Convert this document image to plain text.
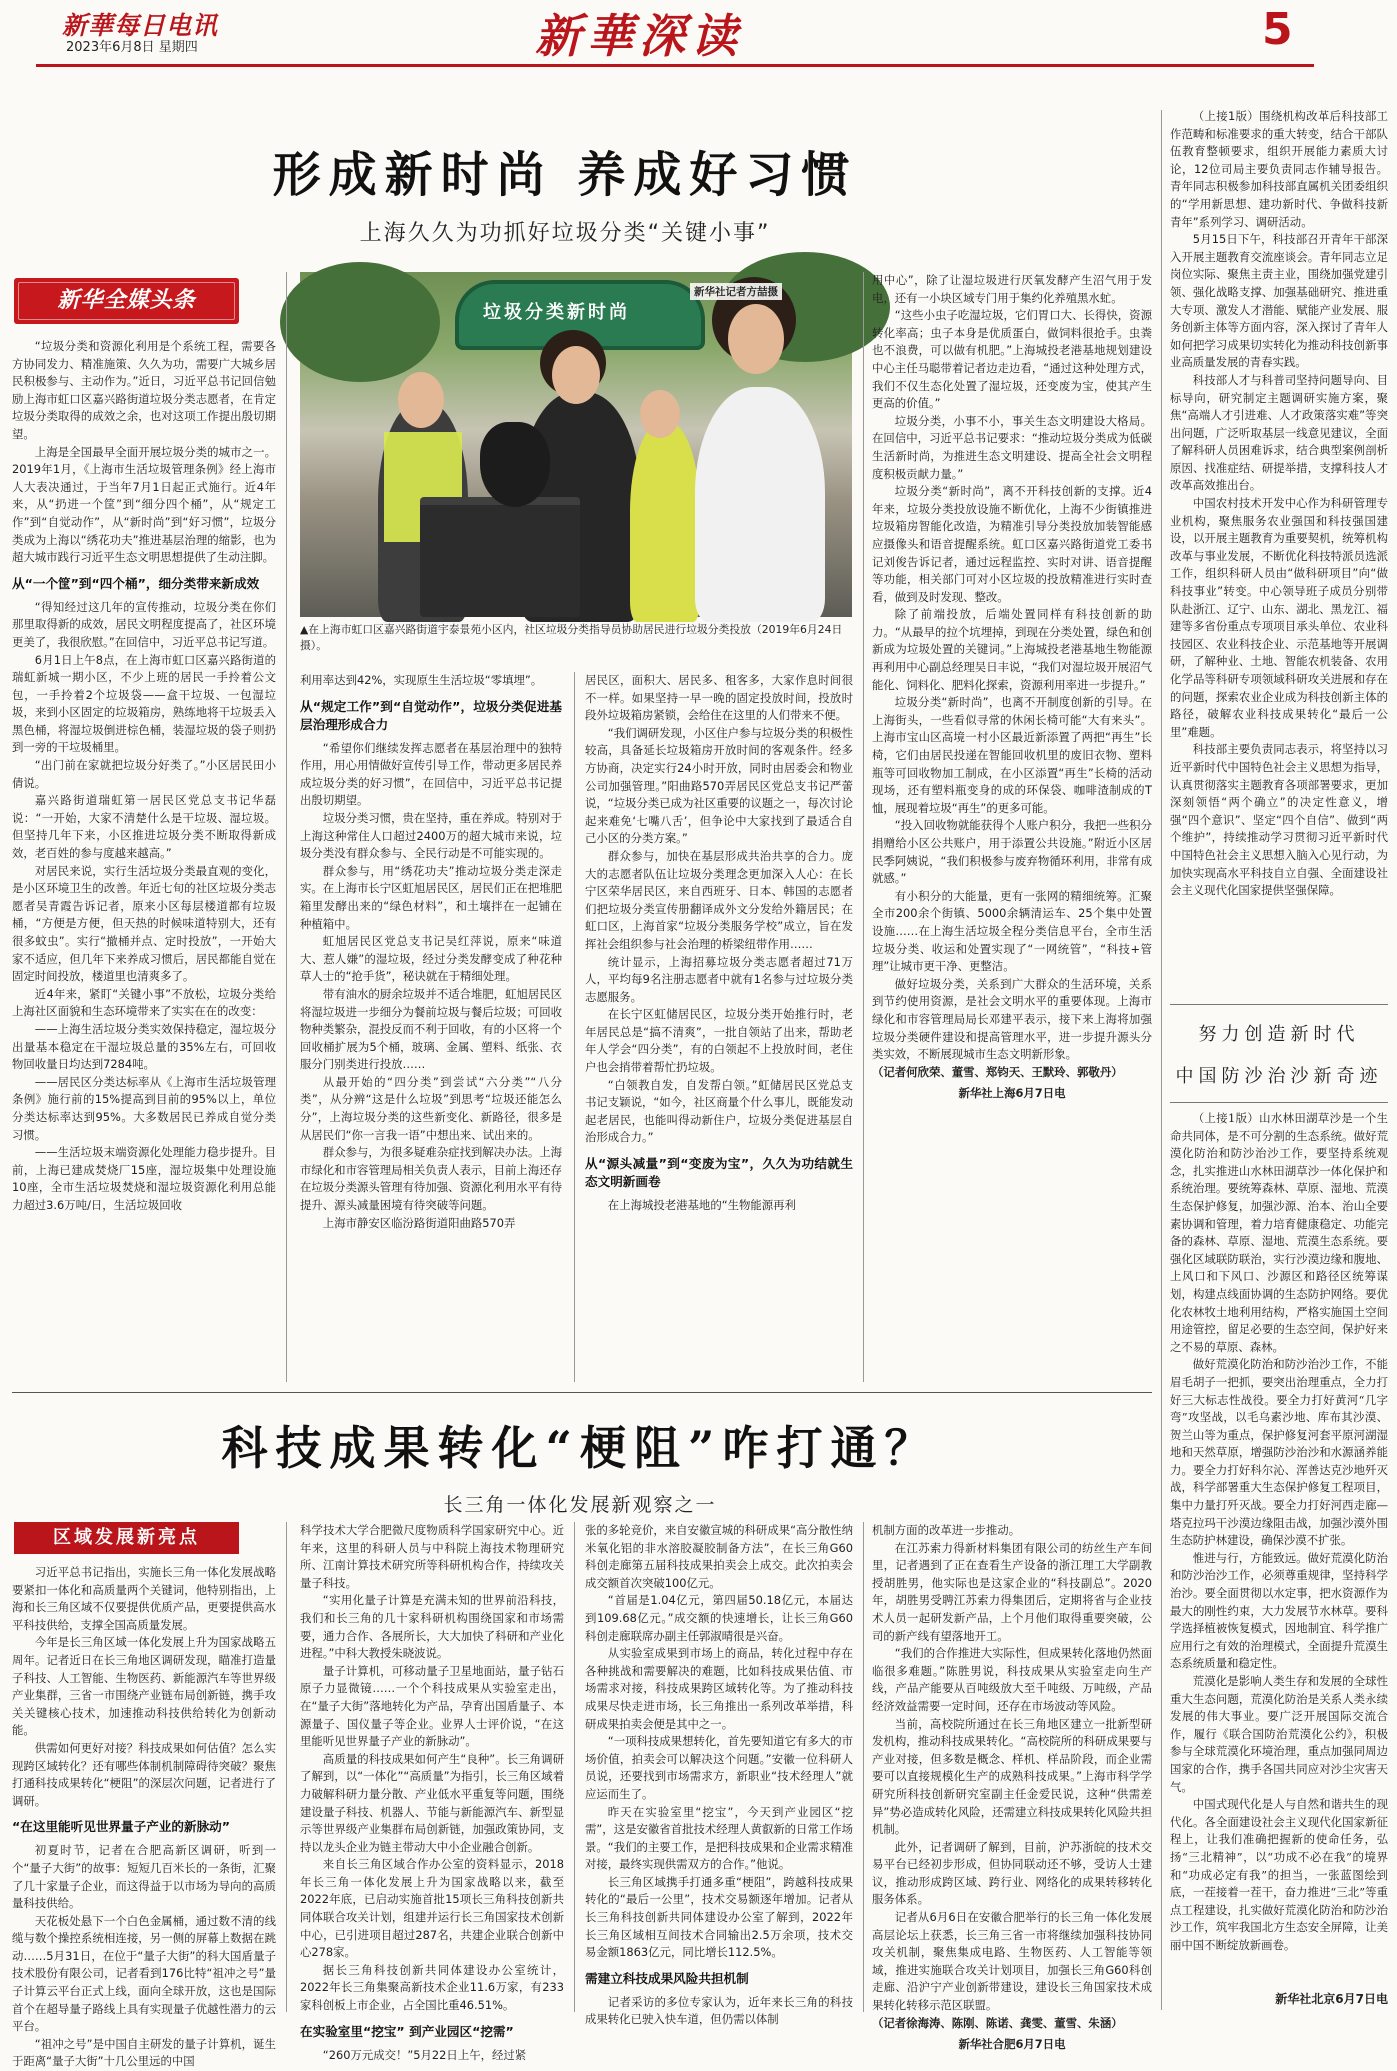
新華每日电讯
2023年6月8日 星期四	新華深读	5
形成新时尚 养成好习惯
上海久久为功抓好垃圾分类“关键小事”
新华全媒头条

“垃圾分类和资源化利用是个系统工程，需要各方协同发力、精准施策、久久为功，需要广大城乡居民积极参与、主动作为。”近日，习近平总书记回信勉励上海市虹口区嘉兴路街道垃圾分类志愿者，在肯定垃圾分类取得的成效之余，也对这项工作提出殷切期望。

上海是全国最早全面开展垃圾分类的城市之一。2019年1月，《上海市生活垃圾管理条例》经上海市人大表决通过，于当年7月1日起正式施行。近4年来，从“扔进一个筐”到“细分四个桶”，从“规定工作”到“自觉动作”，从“新时尚”到“好习惯”，垃圾分类成为上海以“绣花功夫”推进基层治理的缩影，也为超大城市践行习近平生态文明思想提供了生动注脚。

从“一个筐”到“四个桶”，细分类带来新成效

“得知经过这几年的宣传推动，垃圾分类在你们那里取得新的成效，居民文明程度提高了，社区环境更美了，我很欣慰。”在回信中，习近平总书记写道。

6月1日上午8点，在上海市虹口区嘉兴路街道的瑞虹新城一期小区，不少上班的居民一手拎着公文包，一手拎着2个垃圾袋——盒干垃圾、一包湿垃圾，来到小区固定的垃圾箱房，熟练地将干垃圾丢入黑色桶，将湿垃圾倒进棕色桶，装湿垃圾的袋子则扔到一旁的干垃圾桶里。

“出门前在家就把垃圾分好类了。”小区居民田小倩说。

嘉兴路街道瑞虹第一居民区党总支书记华磊说：“一开始，大家不清楚什么是干垃圾、湿垃圾。但坚持几年下来，小区推进垃圾分类不断取得新成效，老百姓的参与度越来越高。”

对居民来说，实行生活垃圾分类最直观的变化，是小区环境卫生的改善。年近七旬的社区垃圾分类志愿者吴青霞告诉记者，原来小区每层楼道都有垃圾桶，“方便是方便，但天热的时候味道特别大，还有很多蚊虫”。实行“撤桶并点、定时投放”，一开始大家不适应，但几年下来养成习惯后，居民都能自觉在固定时间投放，楼道里也清爽多了。

近4年来，紧盯“关键小事”不放松，垃圾分类给上海社区面貌和生态环境带来了实实在在的改变：

——上海生活垃圾分类实效保持稳定，湿垃圾分出量基本稳定在干湿垃圾总量的35%左右，可回收物回收量日均达到7284吨。

——居民区分类达标率从《上海市生活垃圾管理条例》施行前的15%提高到目前的95%以上，单位分类达标率达到95%。大多数居民已养成自觉分类习惯。

——生活垃圾末端资源化处理能力稳步提升。目前，上海已建成焚烧厂15座，湿垃圾集中处理设施10座，全市生活垃圾焚烧和湿垃圾资源化利用总能力超过3.6万吨/日，生活垃圾回收

垃圾分类新时尚
▲在上海市虹口区嘉兴路街道宇泰景苑小区内，社区垃圾分类指导员协助居民进行垃圾分类投放（2019年6月24日摄）。
新华社记者方喆摄

利用率达到42%，实现原生生活垃圾“零填埋”。

从“规定工作”到“自觉动作”，垃圾分类促进基层治理形成合力

“希望你们继续发挥志愿者在基层治理中的独特作用，用心用情做好宣传引导工作，带动更多居民养成垃圾分类的好习惯”，在回信中，习近平总书记提出殷切期望。

垃圾分类习惯，贵在坚持，重在养成。特别对于上海这种常住人口超过2400万的超大城市来说，垃圾分类没有群众参与、全民行动是不可能实现的。

群众参与，用“绣花功夫”推动垃圾分类走深走实。在上海市长宁区虹旭居民区，居民们正在把堆肥箱里发酵出来的“绿色材料”，和土壤拌在一起铺在种植箱中。

虹旭居民区党总支书记吴红萍说，原来“味道大、惹人嫌”的湿垃圾，经过分类发酵变成了种花种草人士的“抢手货”，秘诀就在于精细处理。

带有油水的厨余垃圾并不适合堆肥，虹旭居民区将湿垃圾进一步细分为餐前垃圾与餐后垃圾；可回收物种类繁杂，混投反而不利于回收，有的小区将一个回收桶扩展为5个桶，玻璃、金属、塑料、纸张、衣服分门别类进行投放……

从最开始的“四分类”到尝试“六分类”“八分类”，从分辨“这是什么垃圾”到思考“垃圾还能怎么分”，上海垃圾分类的这些新变化、新路径，很多是从居民们“你一言我一语”中想出来、试出来的。

群众参与，为很多疑难杂症找到解决办法。上海市绿化和市容管理局相关负责人表示，目前上海还存在垃圾分类源头管理有待加强、资源化利用水平有待提升、源头减量困境有待突破等问题。

上海市静安区临汾路街道阳曲路570弄

居民区，面积大、居民多、租客多，大家作息时间很不一样。如果坚持一早一晚的固定投放时间，投放时段外垃圾箱房紧锁，会给住在这里的人们带来不便。

“我们调研发现，小区住户参与垃圾分类的积极性较高，具备延长垃圾箱房开放时间的客观条件。经多方协商，决定实行24小时开放，同时由居委会和物业公司加强管理。”阳曲路570弄居民区党总支书记严蕾说，“垃圾分类已成为社区重要的议题之一，每次讨论起来难免‘七嘴八舌’，但争论中大家找到了最适合自己小区的分类方案。”

群众参与，加快在基层形成共治共享的合力。庞大的志愿者队伍让垃圾分类理念更加深入人心：在长宁区荣华居民区，来自西班牙、日本、韩国的志愿者们把垃圾分类宣传册翻译成外文分发给外籍居民；在虹口区，上海首家“垃圾分类服务学校”成立，旨在发挥社会组织参与社会治理的桥梁纽带作用……

统计显示，上海招募垃圾分类志愿者超过71万人，平均每9名注册志愿者中就有1名参与过垃圾分类志愿服务。

在长宁区虹储居民区，垃圾分类开始推行时，老年居民总是“搞不清爽”，一批自领站了出来，帮助老年人学会“四分类”，有的白领起不上投放时间，老住户也会捎带着帮忙扔垃圾。

“白领教自发，自发帮白领。”虹储居民区党总支书记支颖说，“如今，社区商量个什么事儿，既能发动起老居民，也能叫得动新住户，垃圾分类促进基层自治形成合力。”

从“源头减量”到“变废为宝”，久久为功结就生态文明新画卷

在上海城投老港基地的“生物能源再利

用中心”，除了让湿垃圾进行厌氧发酵产生沼气用于发电，还有一小块区域专门用于集约化养殖黑水虻。

“这些小虫子吃湿垃圾，它们胃口大、长得快，资源转化率高；虫子本身是优质蛋白，做饲料很抢手。虫粪也不浪费，可以做有机肥。”上海城投老港基地规划建设中心主任马聪带着记者边走边看，“通过这种处理方式，我们不仅生态化处置了湿垃圾，还变废为宝，使其产生更高的价值。”

垃圾分类，小事不小，事关生态文明建设大格局。在回信中，习近平总书记要求：“推动垃圾分类成为低碳生活新时尚，为推进生态文明建设、提高全社会文明程度积极贡献力量。”

垃圾分类“新时尚”，离不开科技创新的支撑。近4年来，垃圾分类投放设施不断优化，上海不少街镇推进垃圾箱房智能化改造，为精准引导分类投放加装智能感应摄像头和语音提醒系统。虹口区嘉兴路街道党工委书记刘俊告诉记者，通过远程监控、实时对讲、语音提醒等功能，相关部门可对小区垃圾的投放精准进行实时查看，做到及时发现、整改。

除了前端投放，后端处置同样有科技创新的助力。“从最早的拉个坑埋掉，到现在分类处置，绿色和创新成为垃圾处置的关键词。”上海城投老港基地生物能源再利用中心副总经理吴日丰说，“我们对湿垃圾开展沼气能化、饲料化、肥料化探索，资源利用率进一步提升。”

垃圾分类“新时尚”，也离不开制度创新的引导。在上海街头，一些看似寻常的休闲长椅可能“大有来头”。上海市宝山区高境一村小区最近新添置了两把“再生”长椅，它们由居民投递在智能回收机里的废旧衣物、塑料瓶等可回收物加工制成，在小区添置“再生”长椅的活动现场，还有塑料瓶变身的成的环保袋、咖啡渣制成的T恤，展现着垃圾“再生”的更多可能。

“投入回收物就能获得个人账户积分，我把一些积分捐赠给小区公共账户，用于添置公共设施。”附近小区居民季阿姨说，“我们积极参与废弃物循环利用，非常有成就感。”

有小积分的大能量，更有一张网的精细统筹。汇聚全市200余个街镇、5000余辆清运车、25个集中处置设施……在上海生活垃圾全程分类信息平台，全市生活垃圾分类、收运和处置实现了“一网统管”，“科技+管理”让城市更干净、更整洁。

做好垃圾分类，关系到广大群众的生活环境，关系到节约使用资源，是社会文明水平的重要体现。上海市绿化和市容管理局局长邓建平表示，接下来上海将加强垃圾分类硬件建设和提高管理水平，进一步提升源头分类实效，不断展现城市生态文明新形象。

（记者何欣荣、董雪、郑钧天、王默玲、郭敬丹）

新华社上海6月7日电

（上接1版）围绕机构改革后科技部工作范畴和标准要求的重大转变，结合干部队伍教育整顿要求，组织开展能力素质大讨论，12位司局主要负责同志作辅导报告。青年同志积极参加科技部直属机关团委组织的“学用新思想、建功新时代、争做科技新青年”系列学习、调研活动。

5月15日下午，科技部召开青年干部深入开展主题教育交流座谈会。青年同志立足岗位实际、聚焦主责主业，围绕加强党建引领、强化战略支撑、加强基础研究、推进重大专项、激发人才潜能、赋能产业发展、服务创新主体等方面内容，深入探讨了青年人如何把学习成果切实转化为推动科技创新事业高质量发展的青春实践。

科技部人才与科普司坚持问题导向、目标导向，研究制定主题调研实施方案，聚焦“高端人才引进难、人才政策落实难”等突出问题，广泛听取基层一线意见建议，全面了解科研人员困难诉求，结合典型案例剖析原因、找准症结、研提举措，支撑科技人才改革高效推出台。

中国农村技术开发中心作为科研管理专业机构，聚焦服务农业强国和科技强国建设，以开展主题教育为重要契机，统筹机构改革与事业发展，不断优化科技特派员选派工作，组织科研人员由“做科研项目”向“做科技事业”转变。中心领导班子成员分别带队赴浙江、辽宁、山东、湖北、黑龙江、福建等多省份重点专项项目承头单位、农业科技园区、农业科技企业、示范基地等开展调研，了解种业、土地、智能农机装备、农用化学品等科研专项领域科研攻关进展和存在的问题，探索农业企业成为科技创新主体的路径，破解农业科技成果转化“最后一公里”难题。

科技部主要负责同志表示，将坚持以习近平新时代中国特色社会主义思想为指导，认真贯彻落实主题教育各项部署要求，更加深刻领悟“两个确立”的决定性意义，增强“四个意识”、坚定“四个自信”、做到“两个维护”，持续推动学习贯彻习近平新时代中国特色社会主义思想入脑入心见行动，为加快实现高水平科技自立自强、全面建设社会主义现代化国家提供坚强保障。

努力创造新时代
中国防沙治沙新奇迹

（上接1版）山水林田湖草沙是一个生命共同体，是不可分割的生态系统。做好荒漠化防治和防沙治沙工作，要坚持系统观念，扎实推进山水林田湖草沙一体化保护和系统治理。要统筹森林、草原、湿地、荒漠生态保护修复，加强沙源、治本、治山全要素协调和管理，着力培育健康稳定、功能完备的森林、草原、湿地、荒漠生态系统。要强化区域联防联治，实行沙漠边缘和腹地、上风口和下风口、沙源区和路径区统筹谋划，构建点线面协调的生态防护网络。要优化农林牧土地利用结构，严格实施国土空间用途管控，留足必要的生态空间，保护好来之不易的草原、森林。

做好荒漠化防治和防沙治沙工作，不能眉毛胡子一把抓，要突出治理重点，全力打好三大标志性战役。要全力打好黄河“几字弯”攻坚战，以毛乌素沙地、库布其沙漠、贺兰山等为重点，保护修复河套平原河湖湿地和天然草原，增强防沙治沙和水源涵养能力。要全力打好科尔沁、浑善达克沙地歼灭战，科学部署重大生态保护修复工程项目，集中力量打歼灭战。要全力打好河西走廊—塔克拉玛干沙漠边缘阻击战，加强沙漠外围生态防护林建设，确保沙漠不扩张。

惟进与行，方能致远。做好荒漠化防治和防沙治沙工作，必须尊重规律，坚持科学治沙。要全面贯彻以水定事，把水资源作为最大的刚性约束，大力发展节水林草。要科学选择植被恢复模式，因地制宜、科学推广应用行之有效的治理模式，全面提升荒漠生态系统质量和稳定性。

荒漠化是影响人类生存和发展的全球性重大生态问题，荒漠化防治是关系人类永续发展的伟大事业。要广泛开展国际交流合作，履行《联合国防治荒漠化公约》，积极参与全球荒漠化环境治理，重点加强同周边国家的合作，携手各国共同应对沙尘灾害天气。

中国式现代化是人与自然和谐共生的现代化。各全面建设社会主义现代化国家新征程上，让我们准确把握新的使命任务，弘扬“三北精神”，以“功成不必在我”的境界和“功成必定有我”的担当，一张蓝图绘到底，一茬接着一茬干，奋力推进“三北”等重点工程建设，扎实做好荒漠化防治和防沙治沙工作，筑牢我国北方生态安全屏障，让美丽中国不断绽放新画卷。

新华社北京6月7日电
科技成果转化“梗阻”咋打通？
长三角一体化发展新观察之一
区域发展新亮点

习近平总书记指出，实施长三角一体化发展战略要紧扣一体化和高质量两个关键词，他特别指出，上海和长三角区域不仅要提供优质产品，更要提供高水平科技供给，支撑全国高质量发展。

今年是长三角区域一体化发展上升为国家战略五周年。记者近日在长三角地区调研发现，瞄准打造量子科技、人工智能、生物医药、新能源汽车等世界级产业集群，三省一市围绕产业链布局创新链，携手攻关关键核心技术，加速推动科技供给转化为创新动能。

供需如何更好对接？科技成果如何估值？怎么实现跨区域转化？还有哪些体制机制障碍待突破？聚焦打通科技成果转化“梗阻”的深层次问题，记者进行了调研。

“在这里能听见世界量子产业的新脉动”

初夏时节，记者在合肥高新区调研，听到一个“量子大街”的故事：短短几百米长的一条街，汇聚了几十家量子企业，而这得益于以市场为导向的高质量科技供给。

天花板处悬下一个白色金属桶，通过数不清的线缆与数个操控系统相连接，另一侧的屏幕上数据在跳动……5月31日，在位于“量子大街”的科大国盾量子技术股份有限公司，记者看到176比特“祖冲之号”量子计算云平台正式上线，面向全球开放，这也是国际首个在超导量子路线上具有实现量子优越性潜力的云平台。

“祖冲之号”是中国自主研发的量子计算机，诞生于距离“量子大街”十几公里远的中国

科学技术大学合肥微尺度物质科学国家研究中心。近年来，这里的科研人员与中科院上海技术物理研究所、江南计算技术研究所等科研机构合作，持续攻关量子科技。

“实用化量子计算是充满未知的世界前沿科技，我们和长三角的几十家科研机构围绕国家和市场需要，通力合作、各展所长，大大加快了科研和产业化进程。”中科大教授朱晓波说。

量子计算机，可移动量子卫星地面站，量子钻石原子力显微镜……一个个科技成果从实验室走出，在“量子大街”落地转化为产品，孕育出国盾量子、本源量子、国仪量子等企业。业界人士评价说，“在这里能听见世界量子产业的新脉动”。

高质量的科技成果如何产生“良种”。长三角调研了解到，以“一体化”“高质量”为指引，长三角区域着力破解科研力量分散、产业低水平重复等问题，围绕建设量子科技、机器人、节能与新能源汽车、新型显示等世界级产业集群布局创新链，加强政策协同，支持以龙头企业为链主带动大中小企业融合创新。

来自长三角区域合作办公室的资料显示，2018年长三角一体化发展上升为国家战略以来，截至2022年底，已启动实施首批15项长三角科技创新共同体联合攻关计划，组建并运行长三角国家技术创新中心，已引进项目超过287名，共建企业联合创新中心278家。

据长三角科技创新共同体建设办公室统计，2022年长三角集聚高新技术企业11.6万家，有233家科创板上市企业，占全国比重46.51%。

在实验室里“挖宝” 到产业园区“挖需”

“260万元成交！”5月22日上午，经过紧

张的多轮竞价，来自安徽宣城的科研成果“高分散性纳米氧化铝的非水溶胶凝胶制备方法”，在长三角G60科创走廊第五届科技成果拍卖会上成交。此次拍卖会成交额首次突破100亿元。

“首届是1.04亿元，第四届50.18亿元，本届达到109.68亿元。”成交额的快速增长，让长三角G60科创走廊联席办副主任郭淑晴很是兴奋。

从实验室成果到市场上的商品，转化过程中存在各种挑战和需要解决的难题，比如科技成果估值、市场需求对接，科技成果跨区域转化等。为了推动科技成果尽快走进市场，长三角推出一系列改革举措，科研成果拍卖会便是其中之一。

“一项科技成果想转化，首先要知道它有多大的市场价值，拍卖会可以解决这个问题。”安徽一位科研人员说，还要找到市场需求方，新职业“技术经理人”就应运而生了。

昨天在实验室里“挖宝”，今天到产业园区“挖需”，这是安徽省首批技术经理人黄叡新的日常工作场景。“我们的主要工作，是把科技成果和企业需求精准对接，最终实现供需双方的合作。”他说。

长三角区域携手打通多重“梗阻”，跨越科技成果转化的“最后一公里”，技术交易额逐年增加。记者从长三角科技创新共同体建设办公室了解到，2022年长三角区域相互间技术合同输出2.5万余项，技术交易金额1863亿元，同比增长112.5%。

需建立科技成果风险共担机制

记者采访的多位专家认为，近年来长三角的科技成果转化已驶入快车道，但仍需以体制

机制方面的改革进一步推动。

在江苏索力得新材料集团有限公司的纺丝生产车间里，记者遇到了正在查看生产设备的浙江理工大学副教授胡胜男，他实际也是这家企业的“科技副总”。2020年，胡胜男受聘江苏索力得集团后，定期将省与企业技术人员一起研发新产品，上个月他们取得重要突破，公司的新产线有望落地开工。

“我们的合作推进大实际性，但成果转化落地仍然面临很多难题。”陈胜男说，科技成果从实验室走向生产线，产品产能要从百吨级放大至千吨级、万吨级，产品经济效益需要一定时间，还存在市场波动等风险。

当前，高校院所通过在长三角地区建立一批新型研发机构，推动科技成果转化。“高校院所的科研成果要与产业对接，但多数是概念、样机、样品阶段，而企业需要可以直接规模化生产的成熟科技成果。”上海市科学学研究所科技创新研究室副主任金爱民说，这种“供需差异”势必造成转化风险，还需建立科技成果转化风险共担机制。

此外，记者调研了解到，目前，沪苏浙皖的技术交易平台已经初步形成，但协同联动还不够，受访人士建议，推动形成跨区域、跨行业、网络化的成果转移转化服务体系。

记者从6月6日在安徽合肥举行的长三角一体化发展高层论坛上获悉，长三角三省一市将继续加强科技协同攻关机制，聚焦集成电路、生物医药、人工智能等领域，推进实施联合攻关计划项目，加强长三角G60科创走廊、沿沪宁产业创新带建设，建设长三角国家技术成果转化转移示范区联盟。

（记者徐海涛、陈刚、陈诺、龚雯、董雪、朱涵）

新华社合肥6月7日电
